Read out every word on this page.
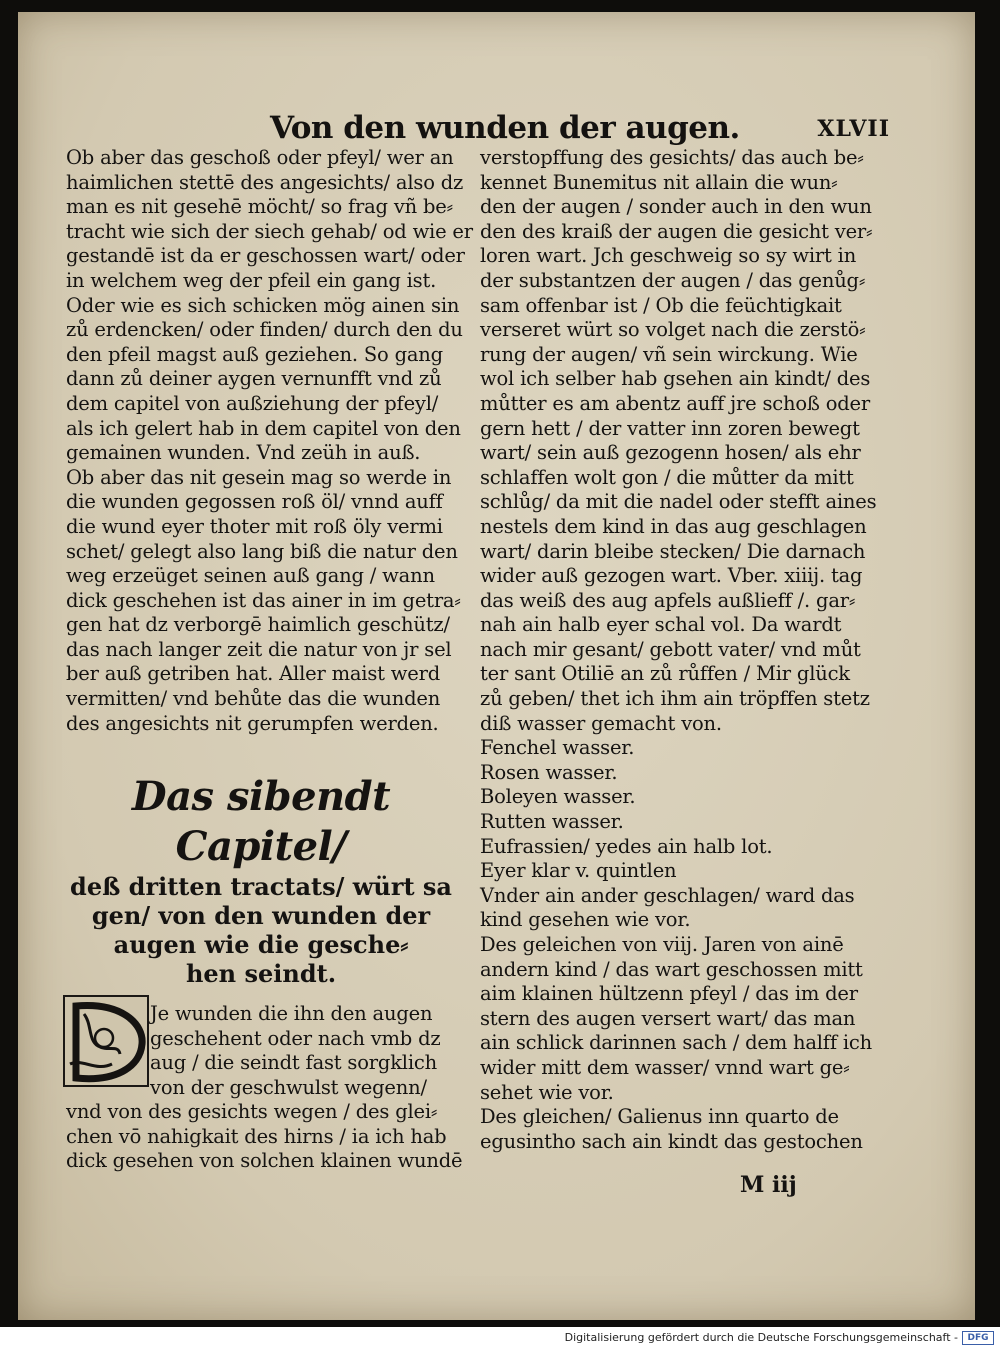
Von den wunden der augen.	XLVII
Ob aber das geschoß oder pfeyl/ wer an
haimlichen stettē des angesichts/ also dz
man es nit gesehē möcht/ so frag vñ be⸗
tracht wie sich der siech gehab/ od wie er
gestandē ist da er geschossen wart/ oder
in welchem weg der pfeil ein gang ist.
Oder wie es sich schicken mög ainen sin
zů erdencken/ oder finden/ durch den du
den pfeil magst auß geziehen. So gang
dann zů deiner aygen vernunfft vnd zů
dem capitel von außziehung der pfeyl/
als ich gelert hab in dem capitel von den
gemainen wunden. Vnd zeüh in auß.
Ob aber das nit gesein mag so werde in
die wunden gegossen roß öl/ vnnd auff
die wund eyer thoter mit roß öly vermi
schet/ gelegt also lang biß die natur den
weg erzeüget seinen auß gang / wann
dick geschehen ist das ainer in im getra⸗
gen hat dz verborgē haimlich geschütz/
das nach langer zeit die natur von jr sel
ber auß getriben hat. Aller maist werd
vermitten/ vnd behůte das die wunden
des angesichts nit gerumpfen werden.
Das sibendt Capitel/
deß dritten tractats/ würt sa
gen/ von den wunden der
augen wie die gesche⸗
hen seindt.
Je wunden die ihn den augen
geschehent oder nach vmb dz
aug / die seindt fast sorgklich
von der geschwulst wegenn/
vnd von des gesichts wegen / des glei⸗
chen vō nahigkait des hirns / ia ich hab
dick gesehen von solchen klainen wundē
verstopffung des gesichts/ das auch be⸗
kennet Bunemitus nit allain die wun⸗
den der augen / sonder auch in den wun
den des kraiß der augen die gesicht ver⸗
loren wart. Jch geschweig so sy wirt in
der substantzen der augen / das genůg⸗
sam offenbar ist / Ob die feüchtigkait
verseret würt so volget nach die zerstö⸗
rung der augen/ vñ sein wirckung. Wie
wol ich selber hab gsehen ain kindt/ des
můtter es am abentz auff jre schoß oder
gern hett / der vatter inn zoren bewegt
wart/ sein auß gezogenn hosen/ als ehr
schlaffen wolt gon / die můtter da mitt
schlůg/ da mit die nadel oder stefft aines
nestels dem kind in das aug geschlagen
wart/ darin bleibe stecken/ Die darnach
wider auß gezogen wart. Vber. xiiij. tag
das weiß des aug apfels außlieff /. gar⸗
nah ain halb eyer schal vol. Da wardt
nach mir gesant/ gebott vater/ vnd můt
ter sant Otiliē an zů růffen / Mir glück
zů geben/ thet ich ihm ain tröpffen stetz
diß wasser gemacht von.
Fenchel wasser.
Rosen wasser.
Boleyen wasser.
Rutten wasser.
Eufrassien/ yedes ain halb lot.
Eyer klar v. quintlen
Vnder ain ander geschlagen/ ward das
kind gesehen wie vor.
Des geleichen von viij. Jaren von ainē
andern kind / das wart geschossen mitt
aim klainen hültzenn pfeyl / das im der
stern des augen versert wart/ das man
ain schlick darinnen sach / dem halff ich
wider mitt dem wasser/ vnnd wart ge⸗
sehet wie vor.
Des gleichen/ Galienus inn quarto de
egusintho sach ain kindt das gestochen
M iij
Digitalisierung gefördert durch die Deutsche Forschungsgemeinschaft -	DFG
